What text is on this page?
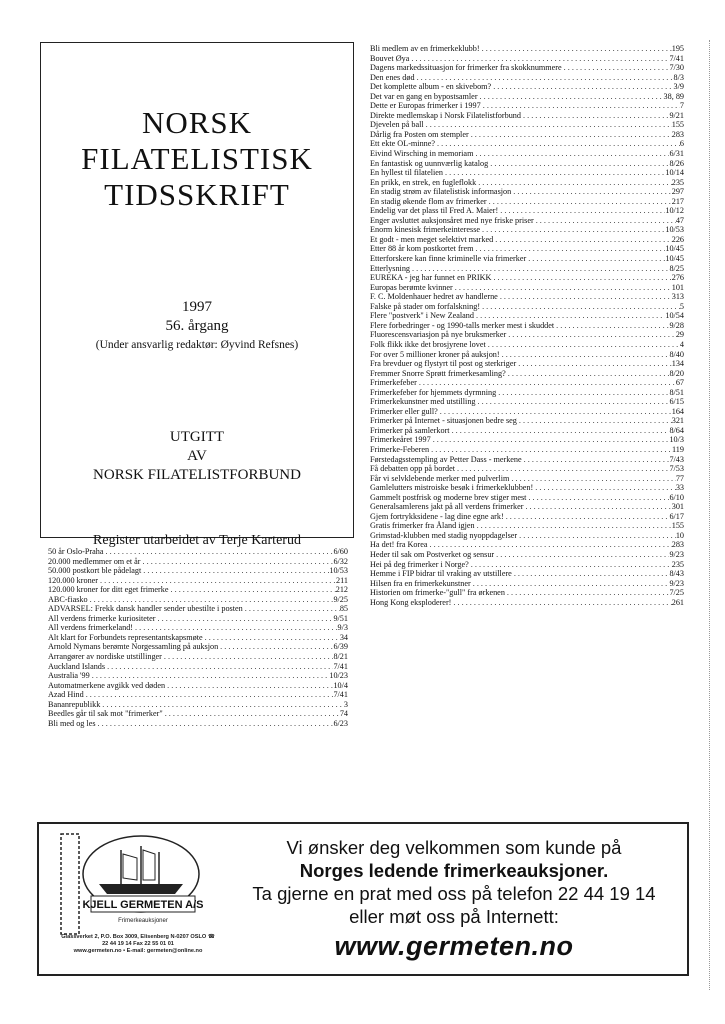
NORSK
FILATELISTISK
TIDSSKRIFT
1997
56. årgang
(Under ansvarlig redaktør: Øyvind Refsnes)
UTGITT
AV
NORSK FILATELISTFORBUND
Register utarbeidet av Terje Karterud
Bli medlem av en frimerkeklubb! . . .	195
Bouvet Øya . . .	7/41
Dagens markedssituasjon for frimerker fra skokknummere . . .	7/30
Den enes død . . .	8/3
Det komplette album - en skivebom? . . .	3/9
Det var en gang en bypostsamler . . .	38, 89
Dette er Europas frimerker i 1997 . . .	7
Direkte medlemskap i Norsk Filatelistforbund . . .	9/21
Djevelen på ball . . .	155
Dårlig fra Posten om stempler . . .	283
Ett ekte OL-minne? . . .	6
Eivind Wirsching in memoriam . . .	6/31
En fantastisk og uunnværlig katalog . . .	8/26
En hyllest til filatelien . . .	10/14
En prikk, en strek, en fugleflokk . . .	235
En stadig strøm av filatelistisk informasjon . . .	297
En stadig økende flom av frimerker . . .	217
Endelig var det plass til Fred A. Maier! . . .	10/12
Enger avsluttet auksjonsåret med nye friske priser . . .	47
Enorm kinesisk frimerkeinteresse . . .	10/53
Et godt - men meget selektivt marked . . .	226
Etter 88 år kom postkortet frem . . .	10/45
Etterforskere kan finne kriminelle via frimerker . . .	10/45
Etterlysning . . .	8/25
EUREKA - jeg har funnet en PRIKK . . .	276
Europas berømte kvinner . . .	101
F. C. Moldenhauer hedret av handlerne . . .	313
Falske på stader om forfalskning! . . .	5
Flere "postverk" i New Zealand . . .	10/54
Flere forbedringer - og 1990-talls merker mest i skuddet . . .	9/28
Fluorescensvariasjon på nye bruksmerker . . .	29
Folk flikk ikke det brosjyrene lovet . . .	4
For over 5 millioner kroner på auksjon! . . .	8/40
Fra brevduer og flystyrt til post og sterkriger . . .	134
Fremmer Snorre Sprøtt frimerkesamling? . . .	8/20
Frimerkefeber . . .	67
Frimerkefeber for hjemmets dyrmning . . .	8/51
Frimerkekunstner med utstilling . . .	6/15
Frimerker eller gull? . . .	164
Frimerker på Internet - situasjonen bedre seg . . .	321
Frimerker på samlerkort . . .	8/64
Frimerkeåret 1997 . . .	10/3
Frimerke-Feberen . . .	119
Førstedagsstempling av Petter Dass - merkene . . .	7/43
Få debatten opp på bordet . . .	7/53
Får vi selvklebende merker med pulverlim . . .	77
Gamlelutters mistroiske besøk i frimerkeklubben! . . .	33
Gammelt postfrisk og moderne brev stiger mest . . .	6/10
Generalsamlerens jakt på all verdens frimerker . . .	301
Gjem fortrykksidene - lag dine egne ark! . . .	6/17
Gratis frimerker fra Åland igjen . . .	155
Grimstad-klubben med stadig nyoppdagelser . . .	10
Ha det! fra Korea . . .	283
Heder til sak om Postverket og sensur . . .	9/23
Hei på deg frimerker i Norge? . . .	235
Hemme i FIP bidrar til vraking av utstillere . . .	8/43
Hilsen fra en frimerkekunstner . . .	9/23
Historien om frimerke-"gull" fra ørkenen . . .	7/25
Hong Kong eksploderer! . . .	261
50 år Oslo-Praha . . .	6/60
20.000 medlemmer om et år . . .	6/32
50.000 postkort ble pådelagt . . .	10/53
120.000 kroner . . .	211
120.000 kroner for ditt eget frimerke . . .	212
ABC-fiasko . . .	9/25
ADVARSEL: Frekk dansk handler sender ubestilte i posten . . .	85
All verdens frimerke kuriositeter . . .	9/51
All verdens frimerkeland! . . .	9/3
Alt klart for Forbundets representantskapsmøte . . .	34
Arnold Nymans berømte Norgessamling på auksjon . . .	6/39
Arrangører av nordiske utstillinger . . .	8/21
Auckland Islands . . .	7/41
Australia '99 . . .	10/23
Automatmerkene avgikk ved døden . . .	10/4
Azad Hind . . .	7/41
Bananrepublikk . . .	3
Beedles går til sak mot "frimerker" . . .	74
Bli med og les . . .	6/23
KJELL GERMETEN A/S
Frimerkeauksjoner
Glassverket 2, P.O. Box 3009, Elisenberg N-0207 OSLO ☎ 22 44 19 14 Fax 22 55 01 01
www.germeten.no • E-mail: germeten@online.no
Vi ønsker deg velkommen som kunde på
Norges ledende frimerkeauksjoner.
Ta gjerne en prat med oss på telefon 22 44 19 14
eller møt oss på Internett:
www.germeten.no
